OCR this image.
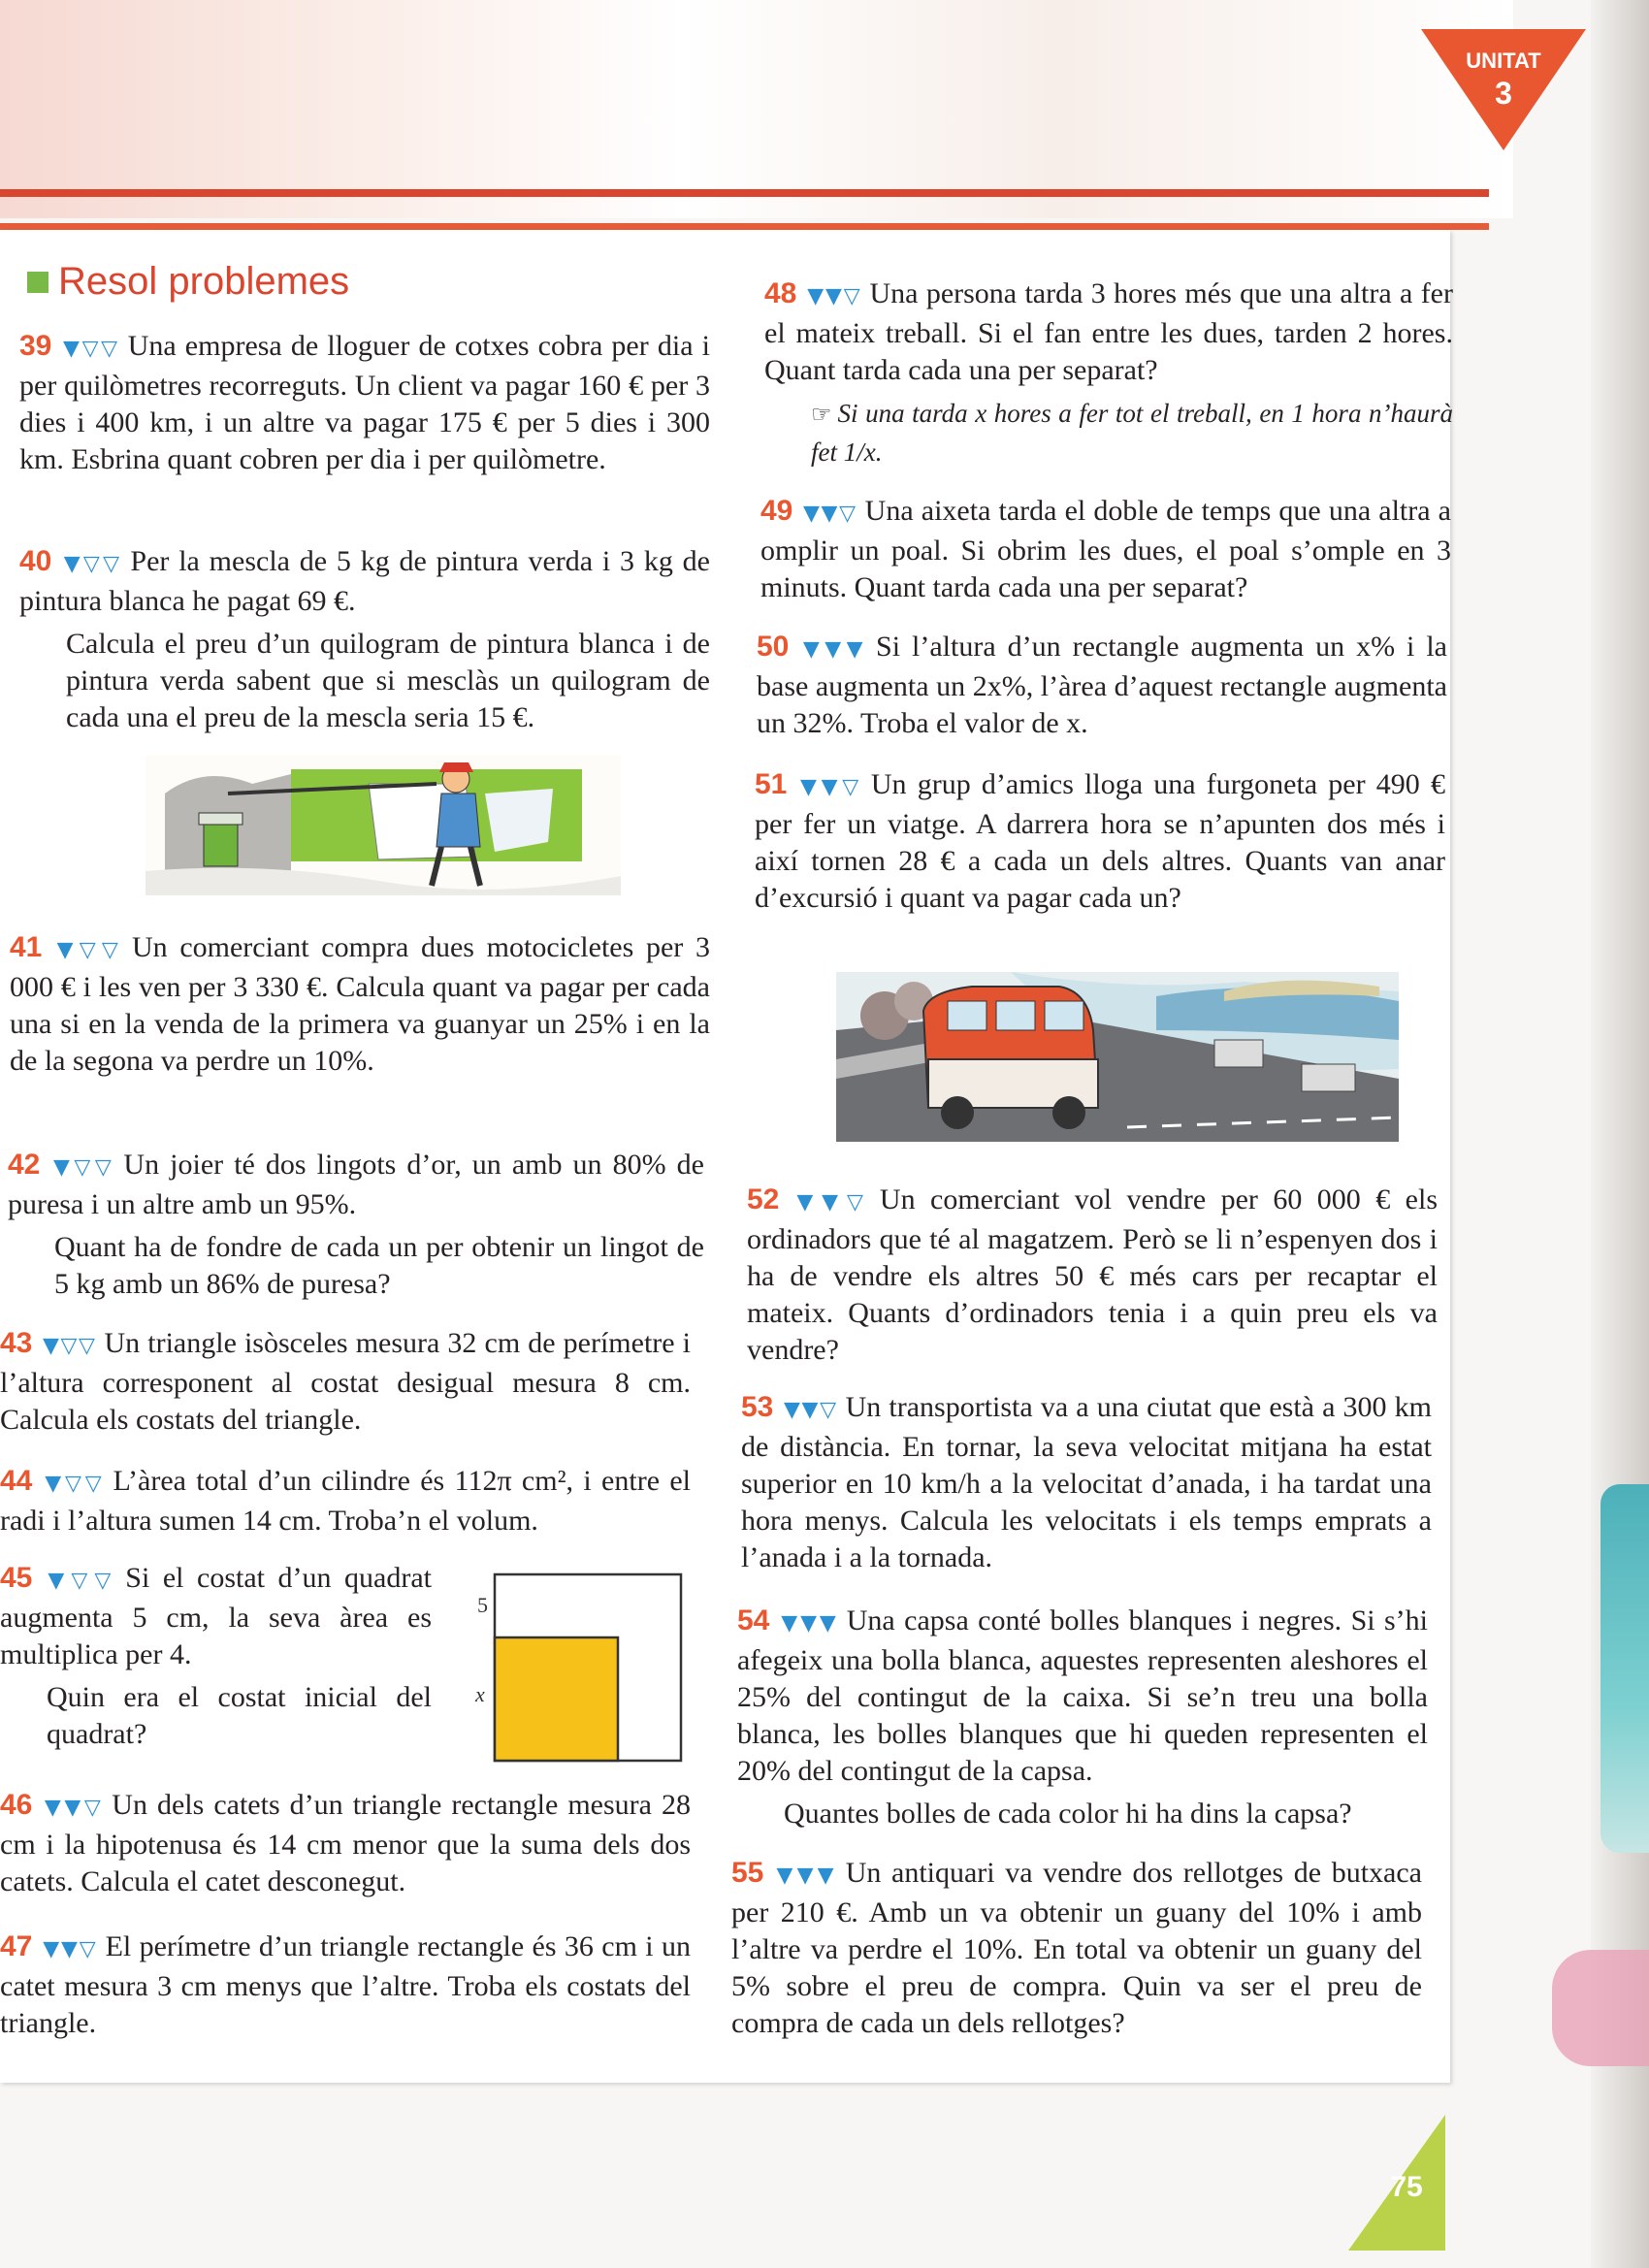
UNITAT
3
Resol problemes

39 ▼▽▽ Una empresa de lloguer de cotxes cobra per dia i per quilòmetres recorreguts. Un client va pagar 160 € per 3 dies i 400 km, i un altre va pagar 175 € per 5 dies i 300 km. Esbrina quant cobren per dia i per quilòmetre.

40 ▼▽▽ Per la mescla de 5 kg de pintura verda i 3 kg de pintura blanca he pagat 69 €.

Calcula el preu d’un quilogram de pintura blanca i de pintura verda sabent que si mesclàs un quilogram de cada una el preu de la mescla seria 15 €.

41 ▼▽▽ Un comerciant compra dues motocicletes per 3 000 € i les ven per 3 330 €. Calcula quant va pagar per cada una si en la venda de la primera va guanyar un 25% i en la de la segona va perdre un 10%.

42 ▼▽▽ Un joier té dos lingots d’or, un amb un 80% de puresa i un altre amb un 95%.

Quant ha de fondre de cada un per obtenir un lingot de 5 kg amb un 86% de puresa?

43 ▼▽▽ Un triangle isòsceles mesura 32 cm de perímetre i l’altura corresponent al costat desigual mesura 8 cm. Calcula els costats del triangle.

44 ▼▽▽ L’àrea total d’un cilindre és 112π cm², i entre el radi i l’altura sumen 14 cm. Troba’n el volum.

45 ▼▽▽ Si el costat d’un quadrat augmenta 5 cm, la seva àrea es multiplica per 4.

Quin era el costat inicial del quadrat?

5
x

46 ▼▼▽ Un dels catets d’un triangle rectangle mesura 28 cm i la hipotenusa és 14 cm menor que la suma dels dos catets. Calcula el catet desconegut.

47 ▼▼▽ El perímetre d’un triangle rectangle és 36 cm i un catet mesura 3 cm menys que l’altre. Troba els costats del triangle.

48 ▼▼▽ Una persona tarda 3 hores més que una altra a fer el mateix treball. Si el fan entre les dues, tarden 2 hores. Quant tarda cada una per separat?

☞ Si una tarda x hores a fer tot el treball, en 1 hora n’haurà fet 1/x.

49 ▼▼▽ Una aixeta tarda el doble de temps que una altra a omplir un poal. Si obrim les dues, el poal s’omple en 3 minuts. Quant tarda cada una per separat?

50 ▼▼▼ Si l’altura d’un rectangle augmenta un x% i la base augmenta un 2x%, l’àrea d’aquest rectangle augmenta un 32%. Troba el valor de x.

51 ▼▼▽ Un grup d’amics lloga una furgoneta per 490 € per fer un viatge. A darrera hora se n’apunten dos més i així tornen 28 € a cada un dels altres. Quants van anar d’excursió i quant va pagar cada un?

52 ▼▼▽ Un comerciant vol vendre per 60 000 € els ordinadors que té al magatzem. Però se li n’espenyen dos i ha de vendre els altres 50 € més cars per recaptar el mateix. Quants d’ordinadors tenia i a quin preu els va vendre?

53 ▼▼▽ Un transportista va a una ciutat que està a 300 km de distància. En tornar, la seva velocitat mitjana ha estat superior en 10 km/h a la velocitat d’anada, i ha tardat una hora menys. Calcula les velocitats i els temps emprats a l’anada i a la tornada.

54 ▼▼▼ Una capsa conté bolles blanques i negres. Si s’hi afegeix una bolla blanca, aquestes representen aleshores el 25% del contingut de la caixa. Si se’n treu una bolla blanca, les bolles blanques que hi queden representen el 20% del contingut de la capsa.

Quantes bolles de cada color hi ha dins la capsa?

55 ▼▼▼ Un antiquari va vendre dos rellotges de butxaca per 210 €. Amb un va obtenir un guany del 10% i amb l’altre va perdre el 10%. En total va obtenir un guany del 5% sobre el preu de compra. Quin va ser el preu de compra de cada un dels rellotges?

75
